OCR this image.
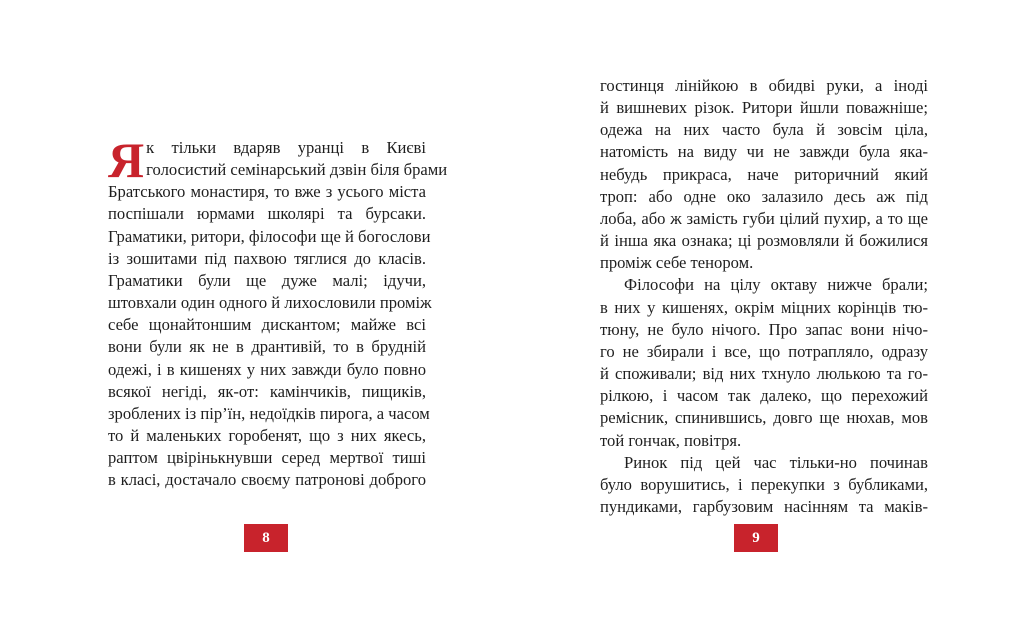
Я к тільки вдаряв уранці в Києві
голосистий семінарський дзвін біля брами
Братського монастиря, то вже з усього міста
поспішали юрмами школярі та бурсаки.
Граматики, ритори, філософи ще й богослови
із зошитами під пахвою тяглися до класів.
Граматики були ще дуже малі; ідучи,
штовхали один одного й лихословили проміж
себе щонайтоншим дискантом; майже всі
вони були як не в дрантивій, то в брудній
одежі, і в кишенях у них завжди було повно
всякої негіді, як-от: камінчиків, пищиків,
зроблених із пір’їн, недоїдків пирога, а часом
то й маленьких горобенят, що з них якесь,
раптом цвірінькнувши серед мертвої тиші
в класі, достачало своєму патронові доброго
8
гостинця лінійкою в обидві руки, а іноді
й вишневих різок. Ритори йшли поважніше;
одежа на них часто була й зовсім ціла,
натомість на виду чи не завжди була яка-
небудь прикраса, наче риторичний який
троп: або одне око залазило десь аж під
лоба, або ж замість губи цілий пухир, а то ще
й інша яка ознака; ці розмовляли й божилися
проміж себе тенором.
Філософи на цілу октаву нижче брали;
в них у кишенях, окрім міцних корінців тю-
тюну, не було нічого. Про запас вони нічо-
го не збирали і все, що потрапляло, одразу
й споживали; від них тхнуло люлькою та го-
рілкою, і часом так далеко, що перехожий
ремісник, спинившись, довго ще нюхав, мов
той гончак, повітря.
Ринок під цей час тільки-но починав
було ворушитись, і перекупки з бубликами,
пундиками, гарбузовим насінням та маків-
9
